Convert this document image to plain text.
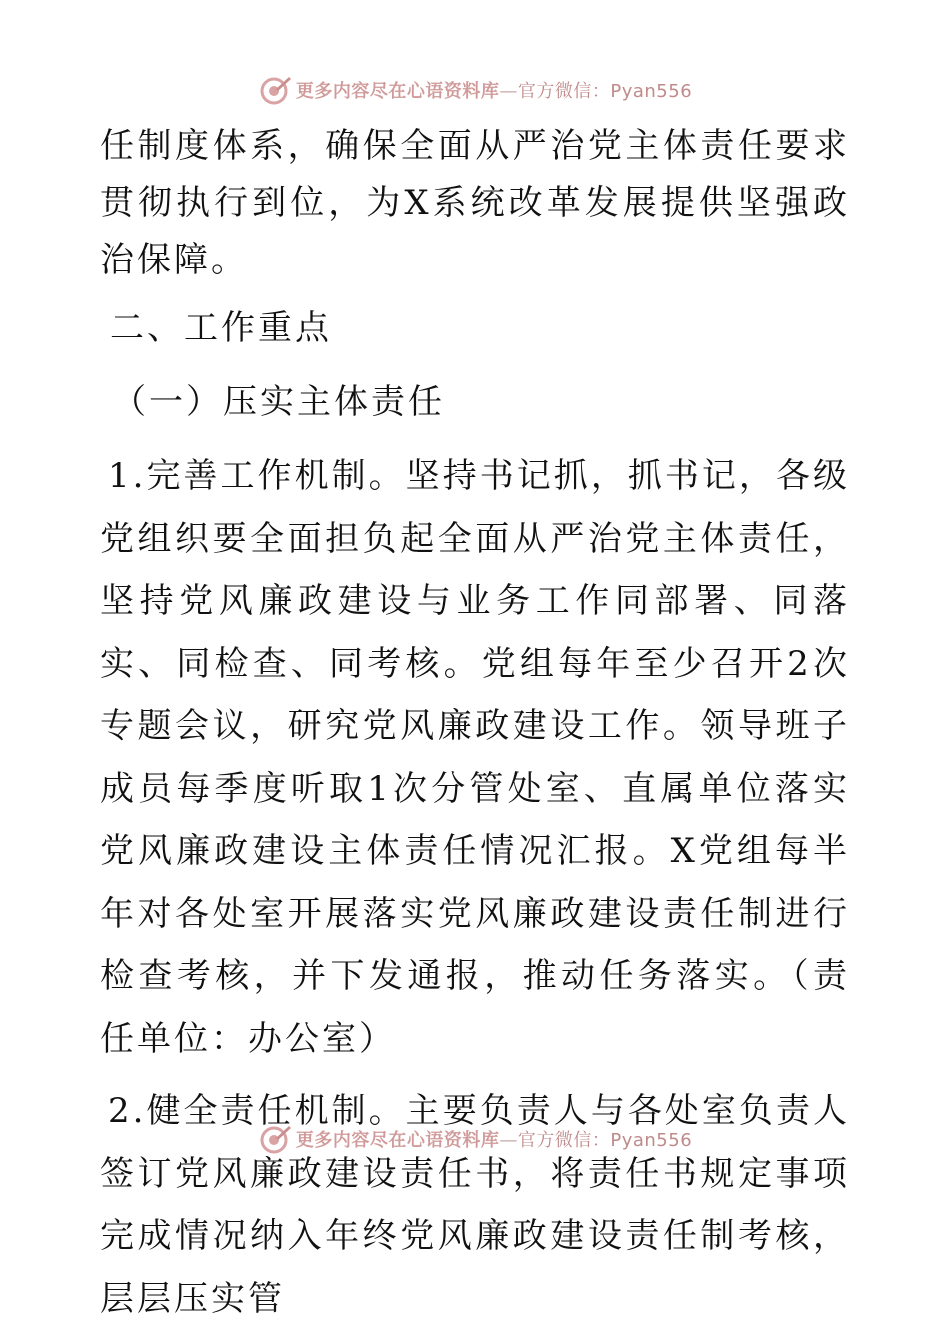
更多内容尽在心语资料库—官方微信：Pyan556

任制度体系，确保全面从严治党主体责任要求贯彻执行到位，为X系统改革发展提供坚强政治保障。

二、工作重点

（一）压实主体责任

1.完善工作机制。坚持书记抓，抓书记，各级党组织要全面担负起全面从严治党主体责任，坚持党风廉政建设与业务工作同部署、同落实、同检查、同考核。党组每年至少召开2次专题会议，研究党风廉政建设工作。领导班子成员每季度听取1次分管处室、直属单位落实党风廉政建设主体责任情况汇报。X党组每半年对各处室开展落实党风廉政建设责任制进行检查考核，并下发通报，推动任务落实。（责任单位：办公室）

2.健全责任机制。主要负责人与各处室负责人签订党风廉政建设责任书，将责任书规定事项完成情况纳入年终党风廉政建设责任制考核，层层压实管

更多内容尽在心语资料库—官方微信：Pyan556
